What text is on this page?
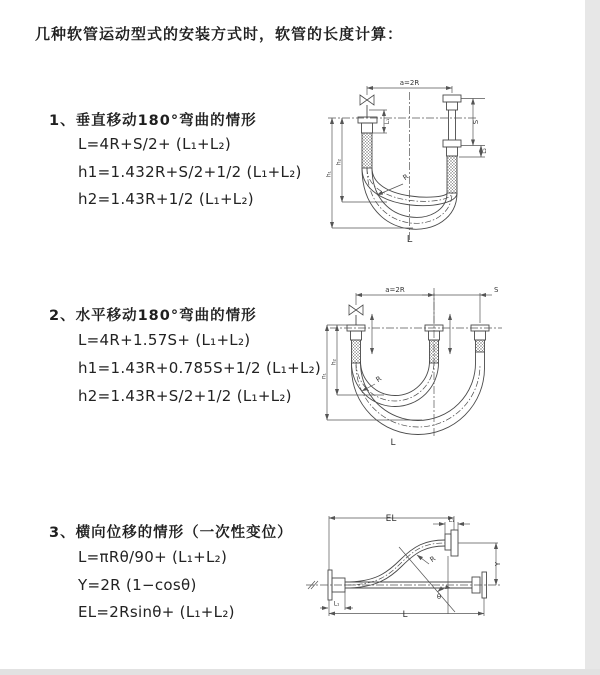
几种软管运动型式的安装方式时，软管的长度计算：
1、垂直移动180°弯曲的情形
L=4R+S/2+ (L₁+L₂)
h1=1.432R+S/2+1/2 (L₁+L₂)
h2=1.43R+1/2 (L₁+L₂)
2、水平移动180°弯曲的情形
L=4R+1.57S+ (L₁+L₂)
h1=1.43R+0.785S+1/2 (L₁+L₂)
h2=1.43R+S/2+1/2 (L₁+L₂)
3、横向位移的情形（一次性变位）
L=πRθ/90+ (L₁+L₂)
Y=2R (1−cosθ)
EL=2Rsinθ+ (L₁+L₂)
a=2R
S
L₂
L₁
h₁
h₂
R
L
a=2R	S
h₁
h₂
R
L
EL	L₁
Y
R
θ
L
L₁
